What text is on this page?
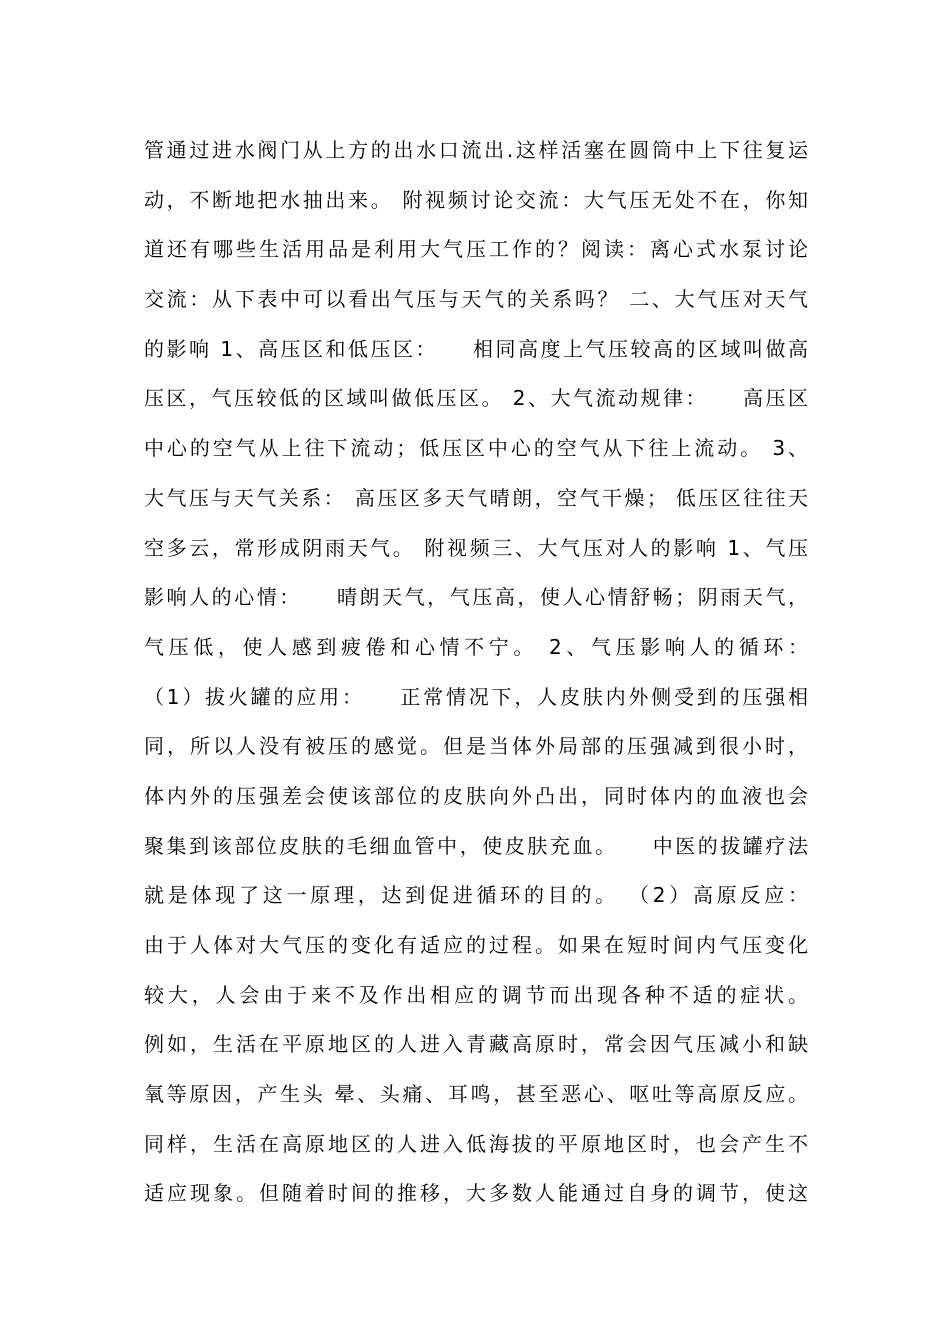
管通过进水阀门从上方的出水口流出.这样活塞在圆筒中上下往复运
动，不断地把水抽出来。 附视频讨论交流：大气压无处不在，你知
道还有哪些生活用品是利用大气压工作的？阅读：离心式水泵讨论
交流：从下表中可以看出气压与天气的关系吗？ 二、大气压对天气
的影响 1、高压区和低压区：　　相同高度上气压较高的区域叫做高
压区，气压较低的区域叫做低压区。 2、大气流动规律：　　高压区
中心的空气从上往下流动；低压区中心的空气从下往上流动。 3、
大气压与天气关系： 高压区多天气晴朗，空气干燥； 低压区往往天
空多云，常形成阴雨天气。 附视频三、大气压对人的影响 1、气压
影响人的心情：　　晴朗天气，气压高，使人心情舒畅；阴雨天气，
气压低，使人感到疲倦和心情不宁。 2、气压影响人的循环：
（1）拔火罐的应用：　　正常情况下，人皮肤内外侧受到的压强相
同，所以人没有被压的感觉。但是当体外局部的压强减到很小时，
体内外的压强差会使该部位的皮肤向外凸出，同时体内的血液也会
聚集到该部位皮肤的毛细血管中，使皮肤充血。　　中医的拔罐疗法
就是体现了这一原理，达到促进循环的目的。 （2）高原反应：
由于人体对大气压的变化有适应的过程。如果在短时间内气压变化
较大，人会由于来不及作出相应的调节而出现各种不适的症状。
例如，生活在平原地区的人进入青藏高原时，常会因气压减小和缺
氧等原因，产生头 晕、头痛、耳鸣，甚至恶心、呕吐等高原反应。
同样，生活在高原地区的人进入低海拔的平原地区时，也会产生不
适应现象。但随着时间的推移，大多数人能通过自身的调节，使这
